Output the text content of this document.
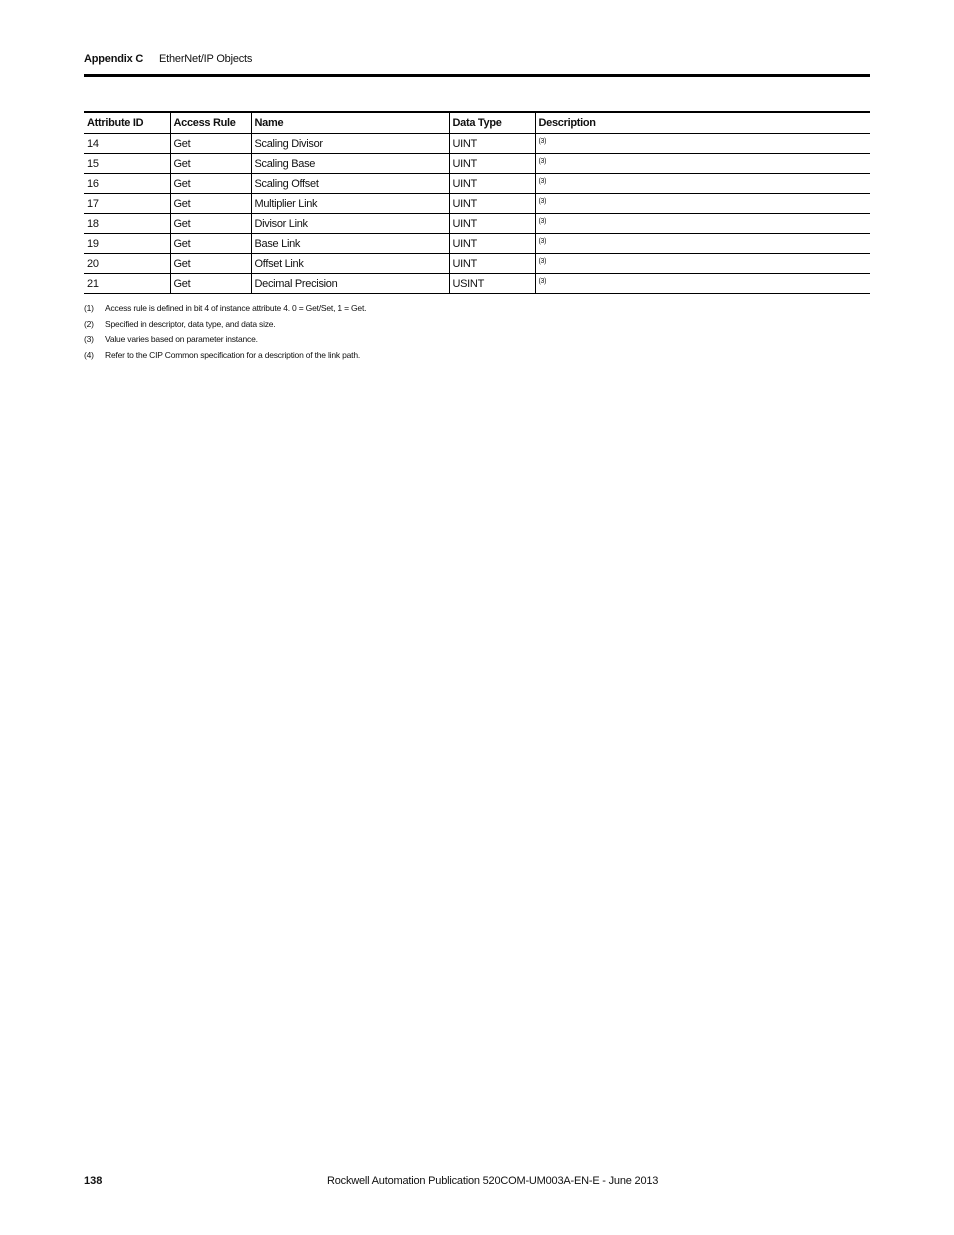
Appendix C EtherNet/IP Objects
Attribute ID	Access Rule	Name	Data Type	Description
14	Get	Scaling Divisor	UINT	(3)
15	Get	Scaling Base	UINT	(3)
16	Get	Scaling Offset	UINT	(3)
17	Get	Multiplier Link	UINT	(3)
18	Get	Divisor Link	UINT	(3)
19	Get	Base Link	UINT	(3)
20	Get	Offset Link	UINT	(3)
21	Get	Decimal Precision	USINT	(3)
(1) Access rule is defined in bit 4 of instance attribute 4. 0 = Get/Set, 1 = Get.
(2) Specified in descriptor, data type, and data size.
(3) Value varies based on parameter instance.
(4) Refer to the CIP Common specification for a description of the link path.
138	Rockwell Automation Publication 520COM-UM003A-EN-E - June 2013
